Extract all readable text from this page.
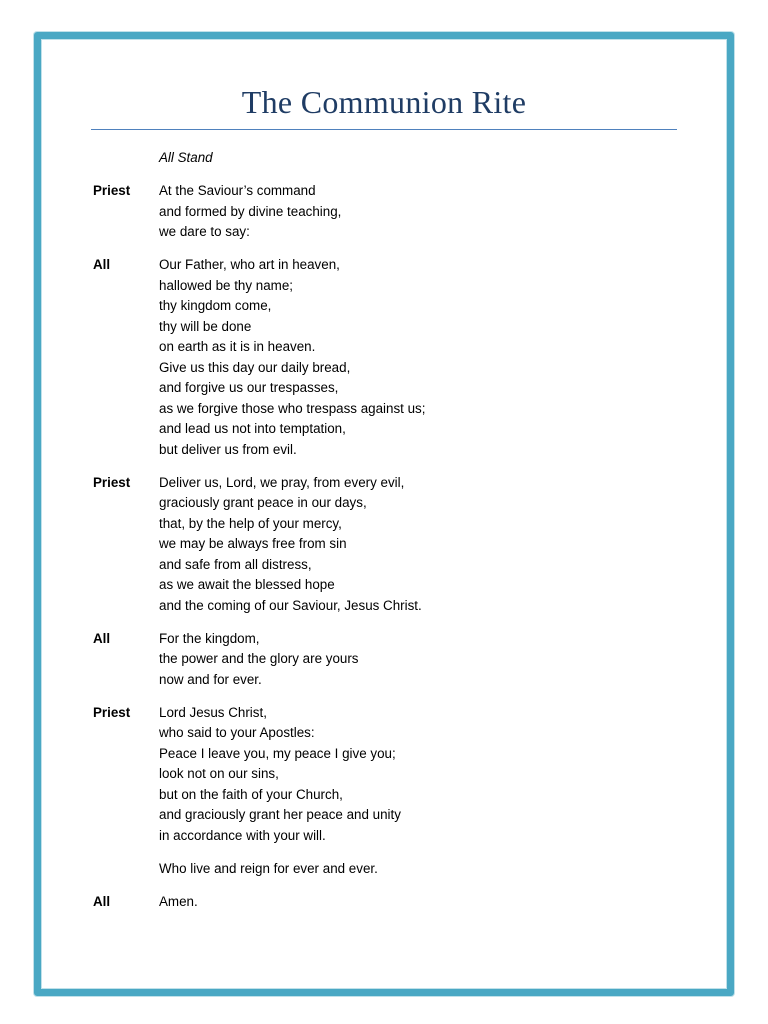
The Communion Rite
All Stand
Priest	At the Saviour’s command
and formed by divine teaching,
we dare to say:
All	Our Father, who art in heaven,
hallowed be thy name;
thy kingdom come,
thy will be done
on earth as it is in heaven.
Give us this day our daily bread,
and forgive us our trespasses,
as we forgive those who trespass against us;
and lead us not into temptation,
but deliver us from evil.
Priest	Deliver us, Lord, we pray, from every evil,
graciously grant peace in our days,
that, by the help of your mercy,
we may be always free from sin
and safe from all distress,
as we await the blessed hope
and the coming of our Saviour, Jesus Christ.
All	For the kingdom,
the power and the glory are yours
now and for ever.
Priest	Lord Jesus Christ,
who said to your Apostles:
Peace I leave you, my peace I give you;
look not on our sins,
but on the faith of your Church,
and graciously grant her peace and unity
in accordance with your will.
Who live and reign for ever and ever.
All	Amen.
